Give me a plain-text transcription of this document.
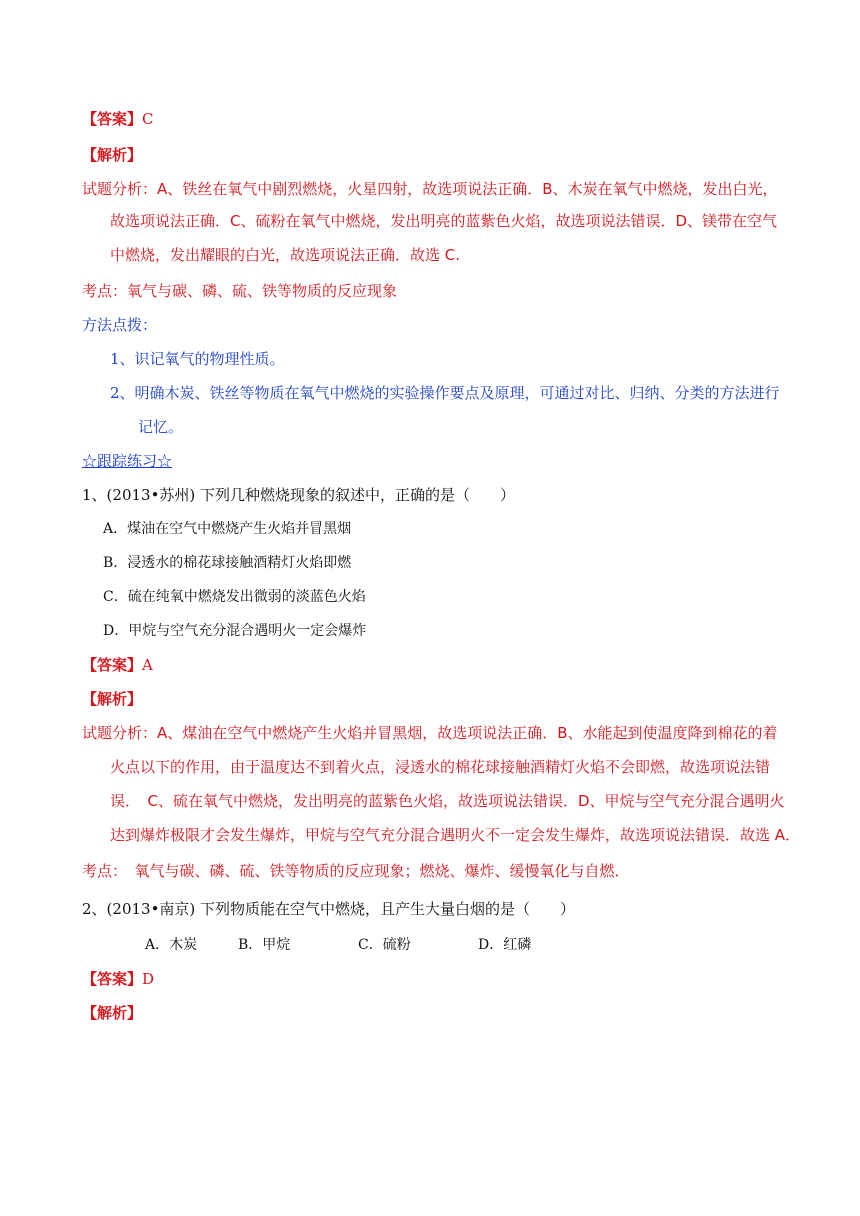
【答案】C
【解析】
试题分析：A、铁丝在氧气中剧烈燃烧，火星四射，故选项说法正确．B、木炭在氧气中燃烧，发出白光，
故选项说法正确．C、硫粉在氧气中燃烧，发出明亮的蓝紫色火焰，故选项说法错误．D、镁带在空气
中燃烧，发出耀眼的白光，故选项说法正确．故选 C.
考点：氧气与碳、磷、硫、铁等物质的反应现象
方法点拨：
1、识记氧气的物理性质。
2、明确木炭、铁丝等物质在氧气中燃烧的实验操作要点及原理，可通过对比、归纳、分类的方法进行
记忆。
☆跟踪练习☆
1、(2013•苏州) 下列几种燃烧现象的叙述中，正确的是（　　）
A．煤油在空气中燃烧产生火焰并冒黑烟
B．浸透水的棉花球接触酒精灯火焰即燃
C．硫在纯氧中燃烧发出微弱的淡蓝色火焰
D．甲烷与空气充分混合遇明火一定会爆炸
【答案】A
【解析】
试题分析：A、煤油在空气中燃烧产生火焰并冒黑烟，故选项说法正确．B、水能起到使温度降到棉花的着
火点以下的作用，由于温度达不到着火点，浸透水的棉花球接触酒精灯火焰不会即燃，故选项说法错
误．　C、硫在氧气中燃烧，发出明亮的蓝紫色火焰，故选项说法错误．D、甲烷与空气充分混合遇明火
达到爆炸极限才会发生爆炸，甲烷与空气充分混合遇明火不一定会发生爆炸，故选项说法错误．故选 A．
考点：　氧气与碳、磷、硫、铁等物质的反应现象；燃烧、爆炸、缓慢氧化与自燃．
2、(2013•南京) 下列物质能在空气中燃烧，且产生大量白烟的是（　　）
A．木炭	B．甲烷	C．硫粉	D．红磷
【答案】D
【解析】
